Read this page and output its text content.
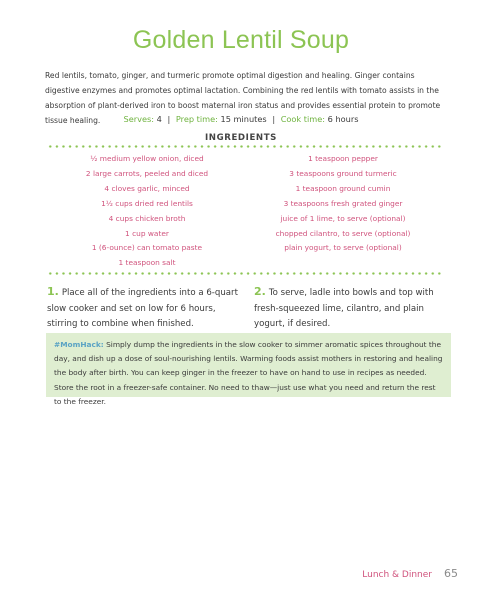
Golden Lentil Soup
Red lentils, tomato, ginger, and turmeric promote optimal digestion and healing. Ginger contains digestive enzymes and promotes optimal lactation. Combining the red lentils with tomato assists in the absorption of plant-derived iron to boost maternal iron status and provides essential protein to promote tissue healing.	Serves: 4 | Prep time: 15 minutes | Cook time: 6 hours
INGREDIENTS
½ medium yellow onion, diced
2 large carrots, peeled and diced
4 cloves garlic, minced
1½ cups dried red lentils
4 cups chicken broth
1 cup water
1 (6-ounce) can tomato paste
1 teaspoon salt
1 teaspoon pepper
3 teaspoons ground turmeric
1 teaspoon ground cumin
3 teaspoons fresh grated ginger
juice of 1 lime, to serve (optional)
chopped cilantro, to serve (optional)
plain yogurt, to serve (optional)
1. Place all of the ingredients into a 6-quart slow cooker and set on low for 6 hours, stirring to combine when finished.
2. To serve, ladle into bowls and top with fresh-squeezed lime, cilantro, and plain yogurt, if desired.
#MomHack: Simply dump the ingredients in the slow cooker to simmer aromatic spices throughout the day, and dish up a dose of soul-nourishing lentils. Warming foods assist mothers in restoring and healing the body after birth. You can keep ginger in the freezer to have on hand to use in recipes as needed. Store the root in a freezer-safe container. No need to thaw—just use what you need and return the rest to the freezer.
Lunch & Dinner 65
